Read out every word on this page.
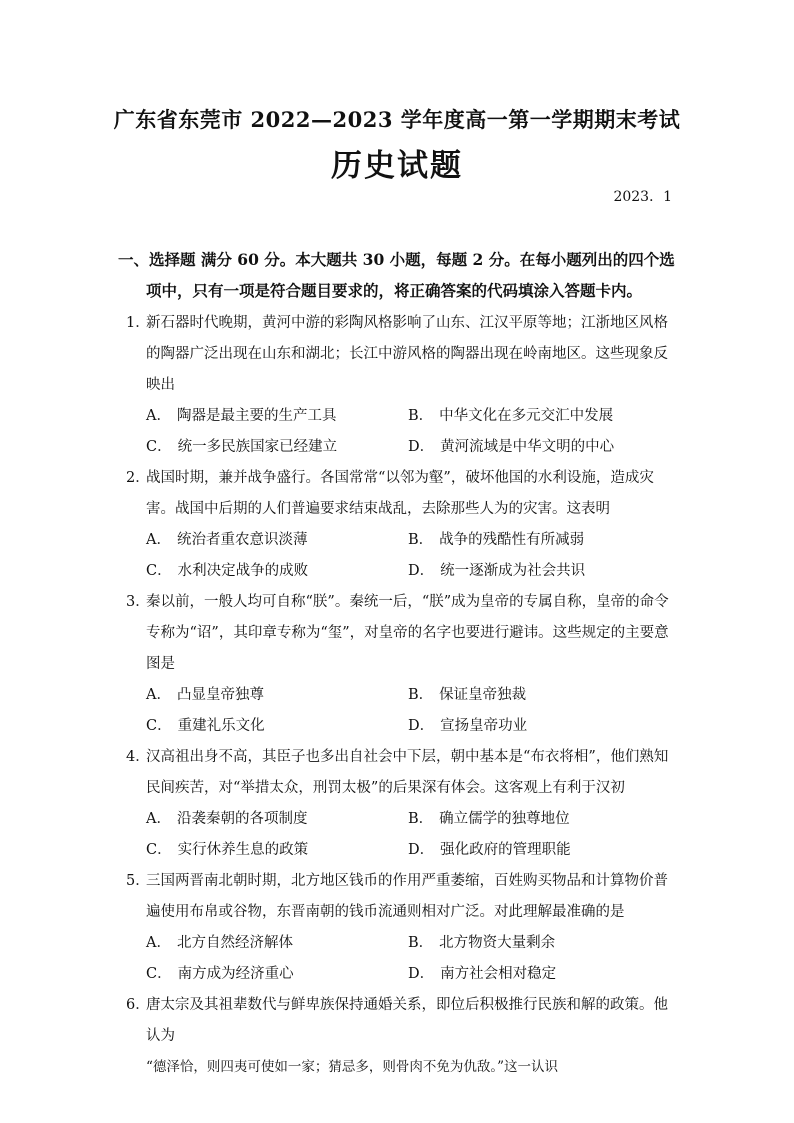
广东省东莞市 2022—2023 学年度高一第一学期期末考试
历史试题
2023．1
一、选择题 满分 60 分。本大题共 30 小题，每题 2 分。在每小题列出的四个选
项中，只有一项是符合题目要求的，将正确答案的代码填涂入答题卡内。
1．
新石器时代晚期，黄河中游的彩陶风格影响了山东、江汉平原等地；江浙地区风格的陶器广泛出现在山东和湖北；长江中游风格的陶器出现在岭南地区。这些现象反映出
A． 陶器是最主要的生产工具	B． 中华文化在多元交汇中发展
C． 统一多民族国家已经建立	D． 黄河流域是中华文明的中心
2．
战国时期，兼并战争盛行。各国常常“以邻为壑”，破坏他国的水利设施，造成灾害。战国中后期的人们普遍要求结束战乱，去除那些人为的灾害。这表明
A． 统治者重农意识淡薄	B． 战争的残酷性有所减弱
C． 水利决定战争的成败	D． 统一逐渐成为社会共识
3．
秦以前，一般人均可自称“朕”。秦统一后，“朕”成为皇帝的专属自称，皇帝的命令专称为“诏”，其印章专称为“玺”，对皇帝的名字也要进行避讳。这些规定的主要意图是
A． 凸显皇帝独尊	B． 保证皇帝独裁
C． 重建礼乐文化	D． 宣扬皇帝功业
4．
汉高祖出身不高，其臣子也多出自社会中下层，朝中基本是“布衣将相”，他们熟知民间疾苦，对“举措太众，刑罚太极”的后果深有体会。这客观上有利于汉初
A． 沿袭秦朝的各项制度	B． 确立儒学的独尊地位
C． 实行休养生息的政策	D． 强化政府的管理职能
5．
三国两晋南北朝时期，北方地区钱币的作用严重萎缩，百姓购买物品和计算物价普遍使用布帛或谷物，东晋南朝的钱币流通则相对广泛。对此理解最准确的是
A． 北方自然经济解体	B． 北方物资大量剩余
C． 南方成为经济重心	D． 南方社会相对稳定
6．
唐太宗及其祖辈数代与鲜卑族保持通婚关系，即位后积极推行民族和解的政策。他认为
“德泽恰，则四夷可使如一家；猜忌多，则骨肉不免为仇敌。”这一认识
